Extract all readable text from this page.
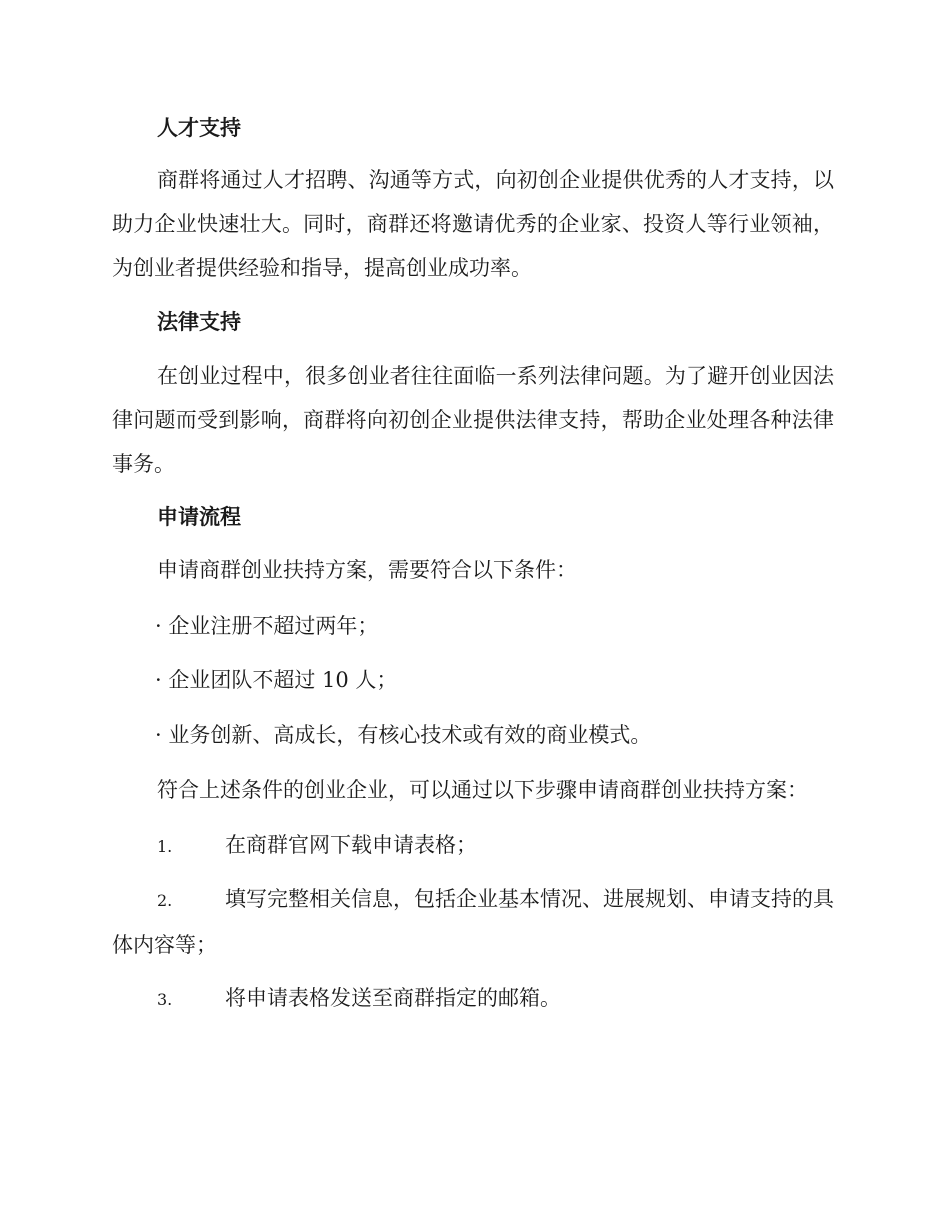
人才支持

商群将通过人才招聘、沟通等方式，向初创企业提供优秀的人才支持，以助力企业快速壮大。同时，商群还将邀请优秀的企业家、投资人等行业领袖，为创业者提供经验和指导，提高创业成功率。

法律支持

在创业过程中，很多创业者往往面临一系列法律问题。为了避开创业因法律问题而受到影响，商群将向初创企业提供法律支持，帮助企业处理各种法律事务。

申请流程

申请商群创业扶持方案，需要符合以下条件：

· 企业注册不超过两年；

· 企业团队不超过 10 人；

· 业务创新、高成长，有核心技术或有效的商业模式。

符合上述条件的创业企业，可以通过以下步骤申请商群创业扶持方案：

1.	在商群官网下载申请表格；

2.	填写完整相关信息，包括企业基本情况、进展规划、申请支持的具体内容等；

3.	将申请表格发送至商群指定的邮箱。
